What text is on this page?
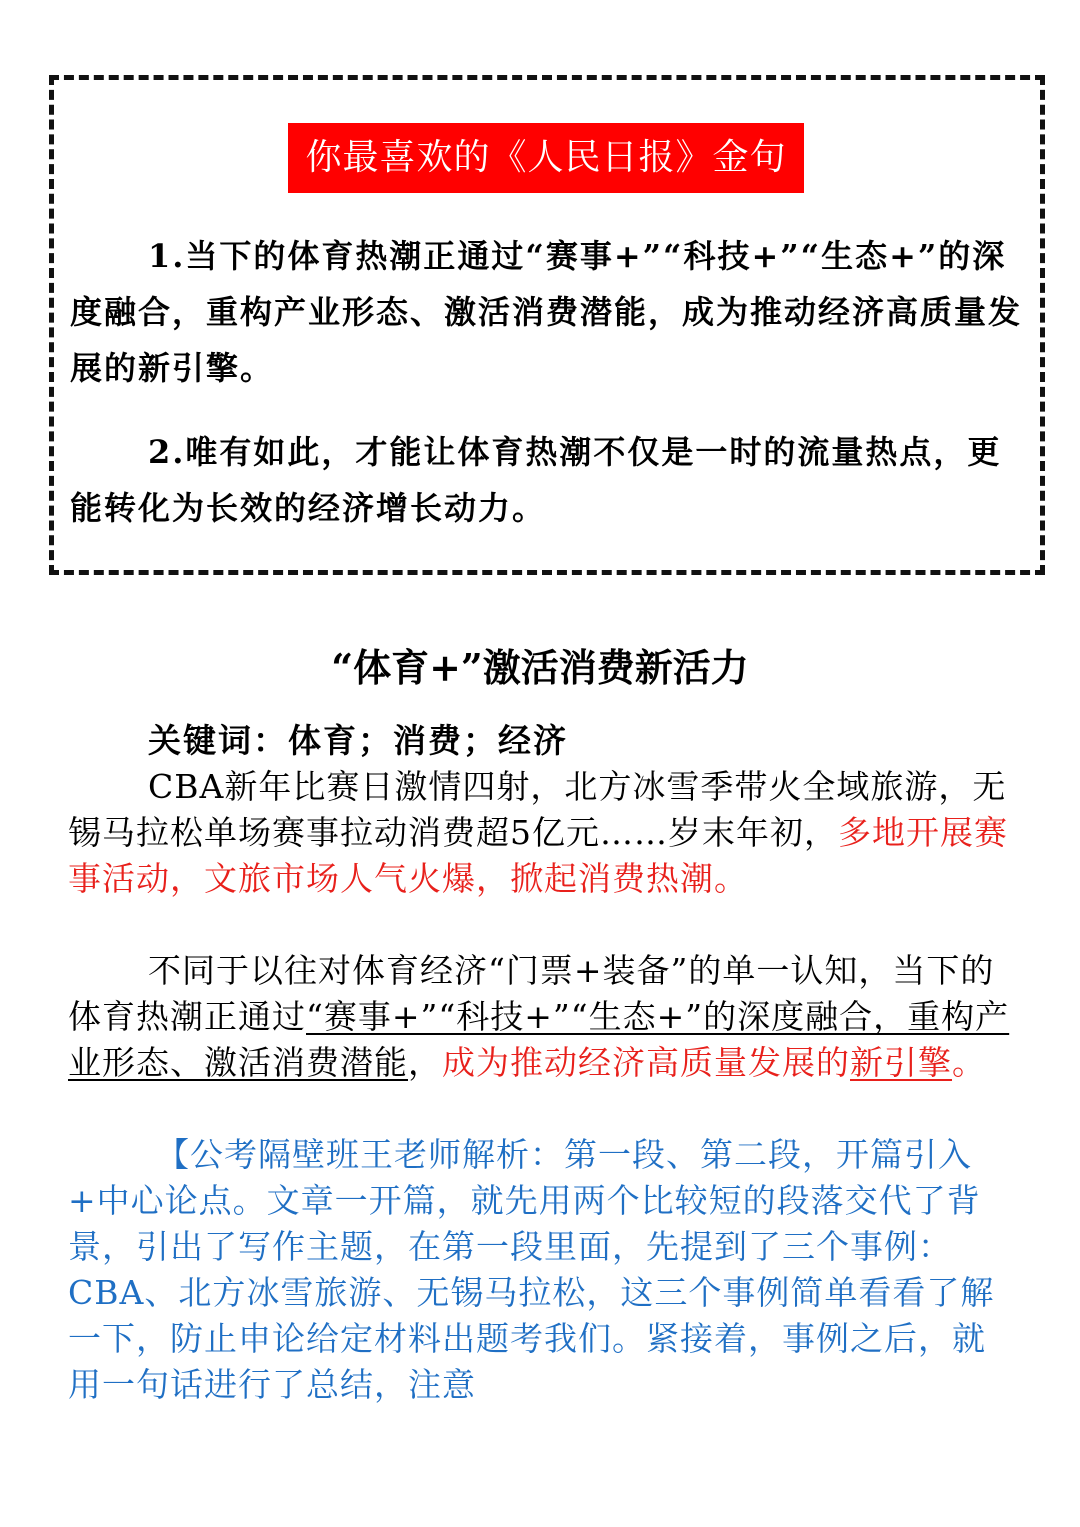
你最喜欢的《人民日报》金句

1.当下的体育热潮正通过“赛事+”“科技+”“生态+”的深度融合，重构产业形态、激活消费潜能，成为推动经济高质量发展的新引擎。

2.唯有如此，才能让体育热潮不仅是一时的流量热点，更能转化为长效的经济增长动力。

“体育+”激活消费新活力

关键词：体育；消费；经济

CBA新年比赛日激情四射，北方冰雪季带火全域旅游，无锡马拉松单场赛事拉动消费超5亿元……岁末年初，多地开展赛事活动，文旅市场人气火爆，掀起消费热潮。

不同于以往对体育经济“门票+装备”的单一认知，当下的体育热潮正通过“赛事+”“科技+”“生态+”的深度融合，重构产业形态、激活消费潜能，成为推动经济高质量发展的新引擎。

【公考隔壁班王老师解析：第一段、第二段，开篇引入+中心论点。文章一开篇，就先用两个比较短的段落交代了背景，引出了写作主题，在第一段里面，先提到了三个事例：CBA、北方冰雪旅游、无锡马拉松，这三个事例简单看看了解一下，防止申论给定材料出题考我们。紧接着，事例之后，就用一句话进行了总结，注意
